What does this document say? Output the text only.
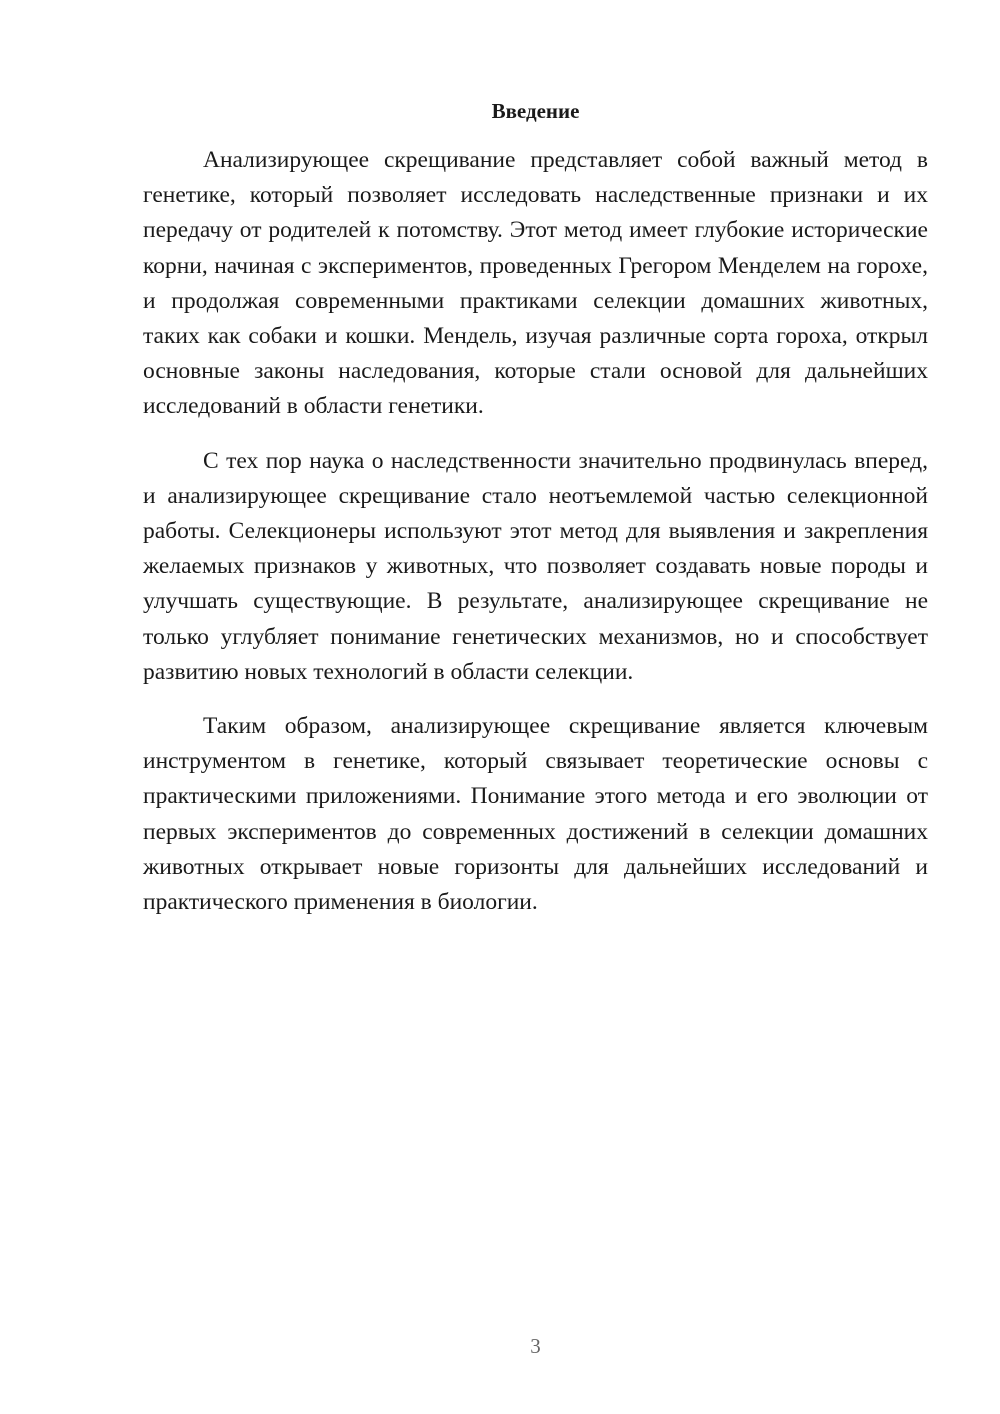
Введение

Анализирующее скрещивание представляет собой важный метод в генетике, который позволяет исследовать наследственные признаки и их передачу от родителей к потомству. Этот метод имеет глубокие исторические корни, начиная с экспериментов, проведенных Грегором Менделем на горохе, и продолжая современными практиками селекции домашних животных, таких как собаки и кошки. Мендель, изучая различные сорта гороха, открыл основные законы наследования, которые стали основой для дальнейших исследований в области генетики.

С тех пор наука о наследственности значительно продвинулась вперед, и анализирующее скрещивание стало неотъемлемой частью селекционной работы. Селекционеры используют этот метод для выявления и закрепления желаемых признаков у животных, что позволяет создавать новые породы и улучшать существующие. В результате, анализирующее скрещивание не только углубляет понимание генетических механизмов, но и способствует развитию новых технологий в области селекции.

Таким образом, анализирующее скрещивание является ключевым инструментом в генетике, который связывает теоретические основы с практическими приложениями. Понимание этого метода и его эволюции от первых экспериментов до современных достижений в селекции домашних животных открывает новые горизонты для дальнейших исследований и практического применения в биологии.

3
